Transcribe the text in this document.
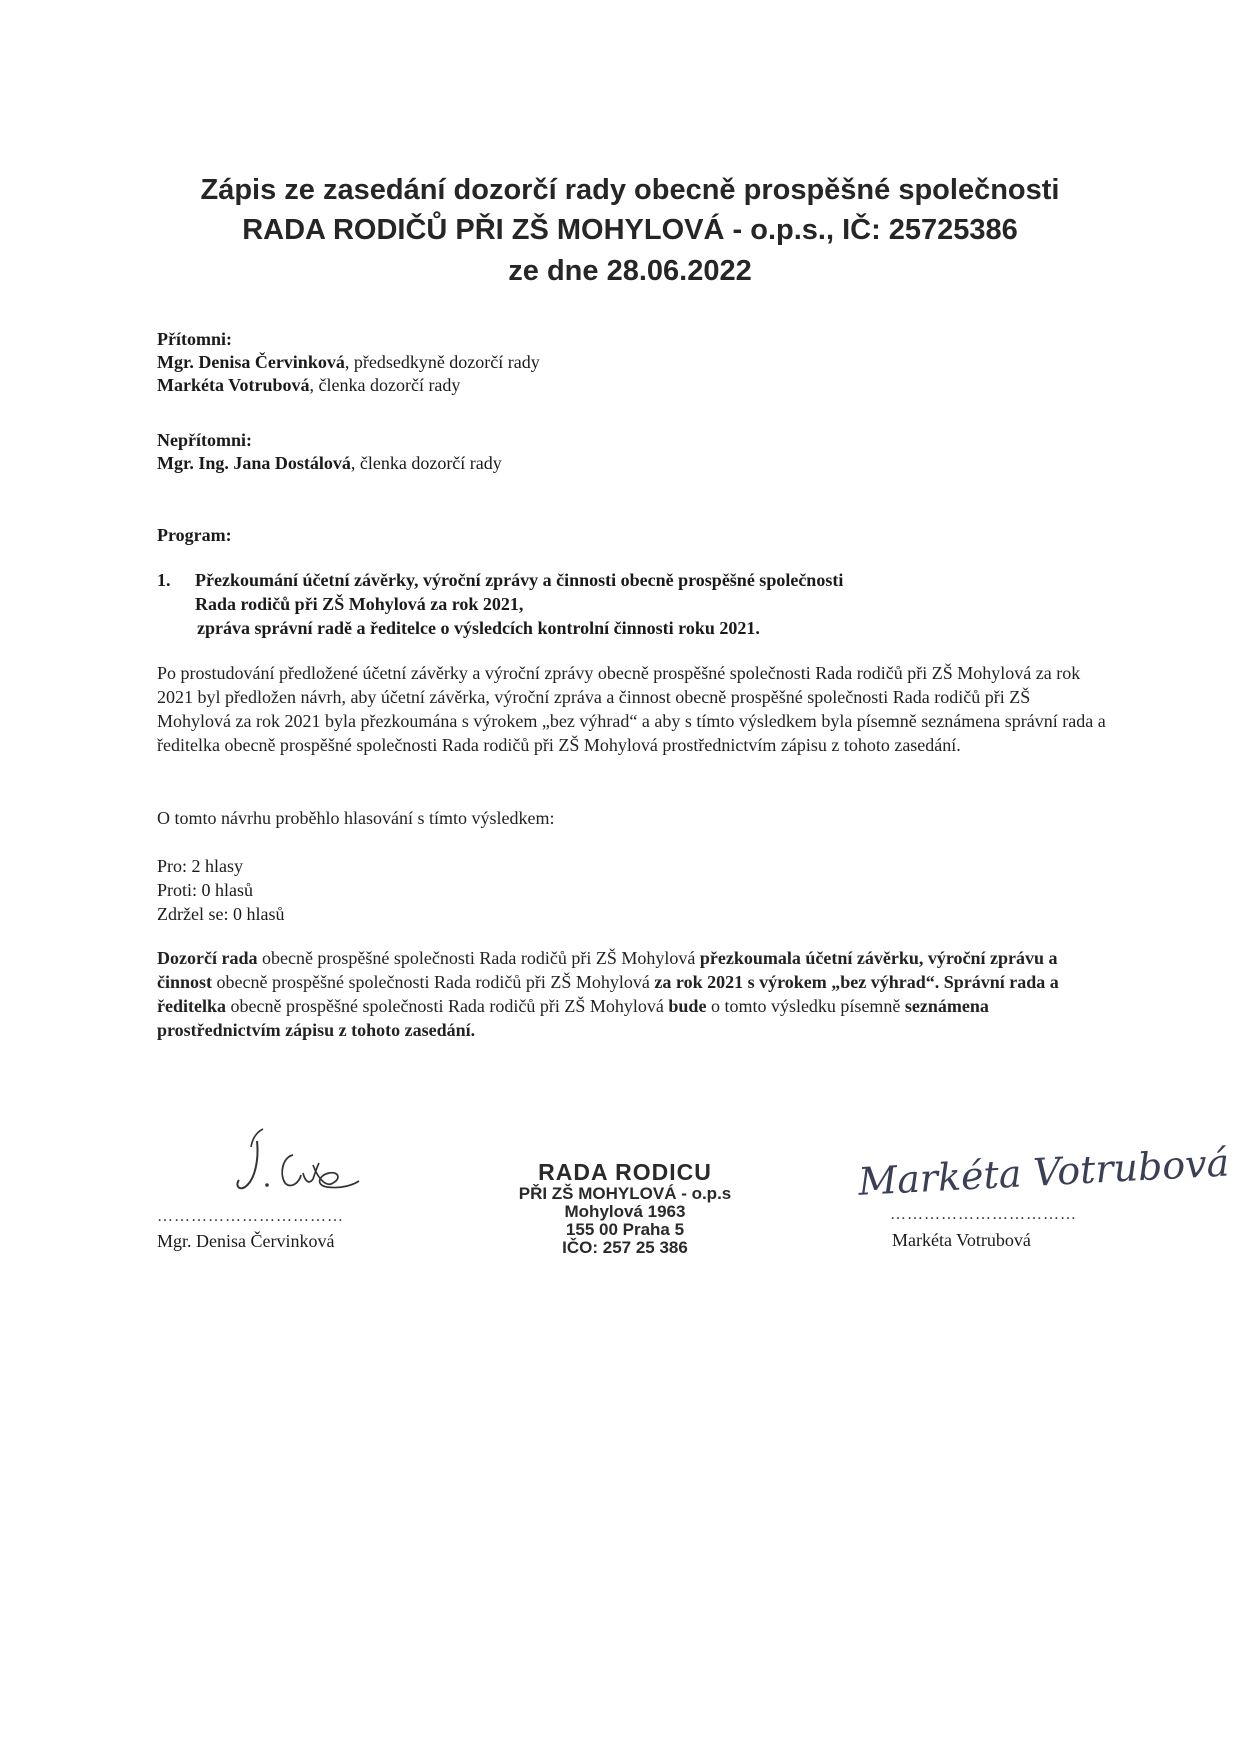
Zápis ze zasedání dozorčí rady obecně prospěšné společnosti
RADA RODIČŮ PŘI ZŠ MOHYLOVÁ - o.p.s., IČ: 25725386
ze dne 28.06.2022

Přítomni:

Mgr. Denisa Červinková, předsedkyně dozorčí rady

Markéta Votrubová, členka dozorčí rady

Nepřítomni:

Mgr. Ing. Jana Dostálová, členka dozorčí rady

Program:

1. Přezkoumání účetní závěrky, výroční zprávy a činnosti obecně prospěšné společnosti
Rada rodičů při ZŠ Mohylová za rok 2021,
zpráva správní radě a ředitelce o výsledcích kontrolní činnosti roku 2021.

Po prostudování předložené účetní závěrky a výroční zprávy obecně prospěšné společnosti Rada rodičů při ZŠ Mohylová za rok 2021 byl předložen návrh, aby účetní závěrka, výroční zpráva a činnost obecně prospěšné společnosti Rada rodičů při ZŠ Mohylová za rok 2021 byla přezkoumána s výrokem „bez výhrad“ a aby s tímto výsledkem byla písemně seznámena správní rada a ředitelka obecně prospěšné společnosti Rada rodičů při ZŠ Mohylová prostřednictvím zápisu z tohoto zasedání.

O tomto návrhu proběhlo hlasování s tímto výsledkem:

Pro: 2 hlasy

Proti: 0 hlasů

Zdržel se: 0 hlasů

Dozorčí rada obecně prospěšné společnosti Rada rodičů při ZŠ Mohylová přezkoumala účetní závěrku, výroční zprávu a činnost obecně prospěšné společnosti Rada rodičů při ZŠ Mohylová za rok 2021 s výrokem „bez výhrad“. Správní rada a ředitelka obecně prospěšné společnosti Rada rodičů při ZŠ Mohylová bude o tomto výsledku písemně seznámena prostřednictvím zápisu z tohoto zasedání.

……………………………
Mgr. Denisa Červinková
RADA RODICU
PŘI ZŠ MOHYLOVÁ - o.p.s
Mohylová 1963
155 00 Praha 5
IČO: 257 25 386
Markéta Votrubová
……………………………
Markéta Votrubová
